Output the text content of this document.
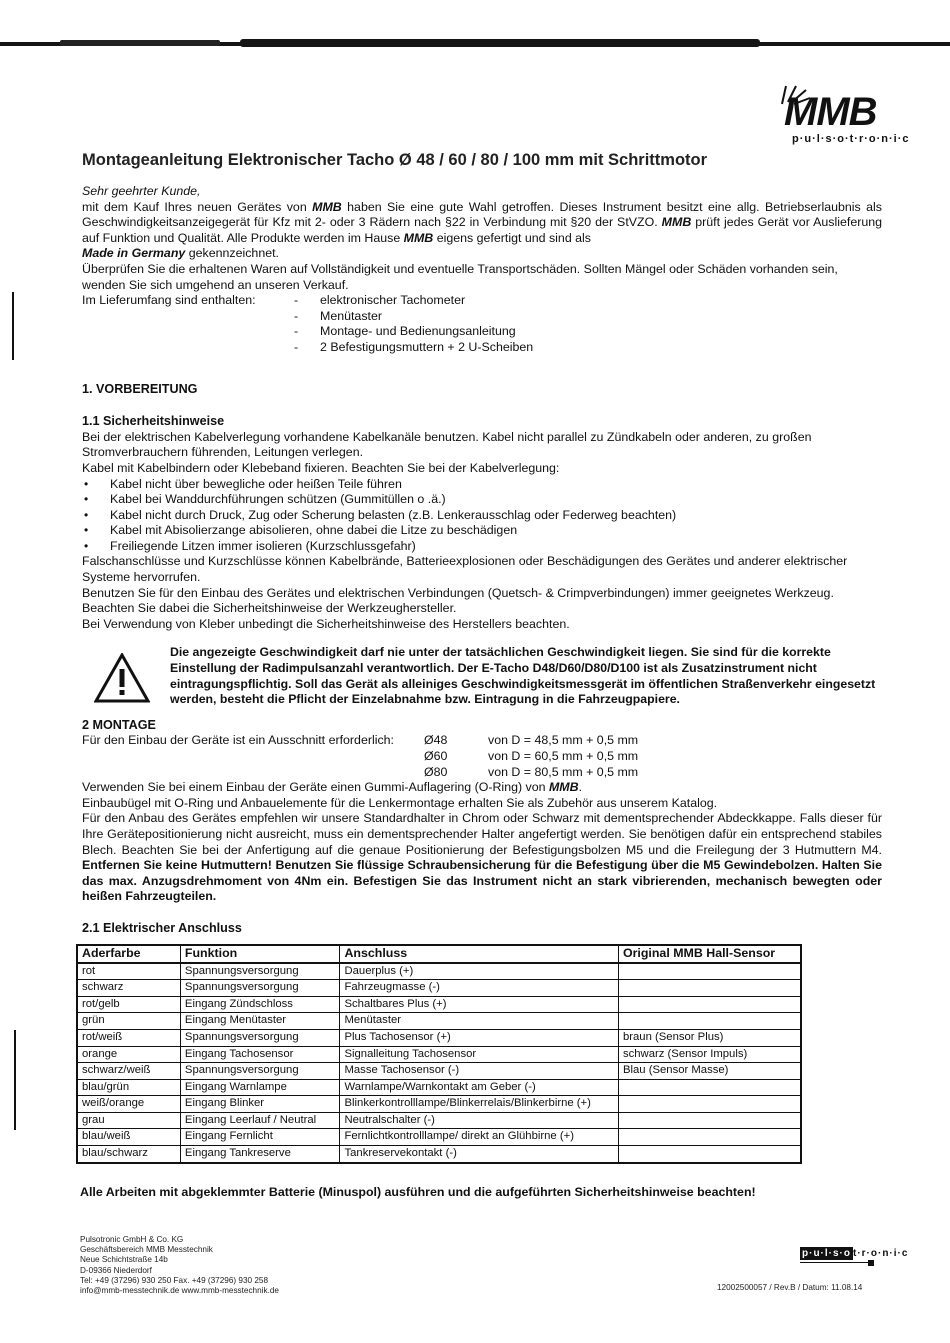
MMB
p·u·l·s·o·t·r·o·n·i·c
Montageanleitung Elektronischer Tacho Ø 48 / 60 / 80 / 100 mm mit Schrittmotor

Sehr geehrter Kunde,

mit dem Kauf Ihres neuen Gerätes von MMB haben Sie eine gute Wahl getroffen. Dieses Instrument besitzt eine allg. Betriebserlaubnis als Geschwindigkeitsanzeigegerät für Kfz mit 2- oder 3 Rädern nach §22 in Verbindung mit §20 der StVZO. MMB prüft jedes Gerät vor Auslieferung auf Funktion und Qualität. Alle Produkte werden im Hause MMB eigens gefertigt und sind als

Made in Germany gekennzeichnet.

Überprüfen Sie die erhaltenen Waren auf Vollständigkeit und eventuelle Transportschäden. Sollten Mängel oder Schäden vorhanden sein, wenden Sie sich umgehend an unseren Verkauf.

Im Lieferumfang sind enthalten:	-	elektronischer Tachometer
-	Menütaster
-	Montage- und Bedienungsanleitung
-	2 Befestigungsmuttern + 2 U-Scheiben
1. VORBEREITUNG
1.1 Sicherheitshinweise

Bei der elektrischen Kabelverlegung vorhandene Kabelkanäle benutzen. Kabel nicht parallel zu Zündkabeln oder anderen, zu großen Stromverbrauchern führenden, Leitungen verlegen.

Kabel mit Kabelbindern oder Klebeband fixieren. Beachten Sie bei der Kabelverlegung:

• Kabel nicht über bewegliche oder heißen Teile führen
• Kabel bei Wanddurchführungen schützen (Gummitüllen o .ä.)
• Kabel nicht durch Druck, Zug oder Scherung belasten (z.B. Lenkerausschlag oder Federweg beachten)
• Kabel mit Abisolierzange abisolieren, ohne dabei die Litze zu beschädigen
• Freiliegende Litzen immer isolieren (Kurzschlussgefahr)

Falschanschlüsse und Kurzschlüsse können Kabelbrände, Batterieexplosionen oder Beschädigungen des Gerätes und anderer elektrischer Systeme hervorrufen.

Benutzen Sie für den Einbau des Gerätes und elektrischen Verbindungen (Quetsch- & Crimpverbindungen) immer geeignetes Werkzeug. Beachten Sie dabei die Sicherheitshinweise der Werkzeughersteller.

Bei Verwendung von Kleber unbedingt die Sicherheitshinweise des Herstellers beachten.

Die angezeigte Geschwindigkeit darf nie unter der tatsächlichen Geschwindigkeit liegen. Sie sind für die korrekte Einstellung der Radimpulsanzahl verantwortlich. Der E-Tacho D48/D60/D80/D100 ist als Zusatzinstrument nicht eintragungspflichtig. Soll das Gerät als alleiniges Geschwindigkeitsmessgerät im öffentlichen Straßenverkehr eingesetzt werden, besteht die Pflicht der Einzelabnahme bzw. Eintragung in die Fahrzeugpapiere.
2 MONTAGE
Für den Einbau der Geräte ist ein Ausschnitt erforderlich:	Ø48	von D = 48,5 mm + 0,5 mm
Ø60	von D = 60,5 mm + 0,5 mm
Ø80	von D = 80,5 mm + 0,5 mm

Verwenden Sie bei einem Einbau der Geräte einen Gummi-Auflagering (O-Ring) von MMB.

Einbaubügel mit O-Ring und Anbauelemente für die Lenkermontage erhalten Sie als Zubehör aus unserem Katalog.

Für den Anbau des Gerätes empfehlen wir unsere Standardhalter in Chrom oder Schwarz mit dementsprechender Abdeckkappe. Falls dieser für Ihre Gerätepositionierung nicht ausreicht, muss ein dementsprechender Halter angefertigt werden. Sie benötigen dafür ein entsprechend stabiles Blech. Beachten Sie bei der Anfertigung auf die genaue Positionierung der Befestigungsbolzen M5 und die Freilegung der 3 Hutmuttern M4. Entfernen Sie keine Hutmuttern! Benutzen Sie flüssige Schraubensicherung für die Befestigung über die M5 Gewindebolzen. Halten Sie das max. Anzugsdrehmoment von 4Nm ein. Befestigen Sie das Instrument nicht an stark vibrierenden, mechanisch bewegten oder heißen Fahrzeugteilen.

2.1 Elektrischer Anschluss
Aderfarbe	Funktion	Anschluss	Original MMB Hall-Sensor
rot	Spannungsversorgung	Dauerplus (+)	
schwarz	Spannungsversorgung	Fahrzeugmasse (-)	
rot/gelb	Eingang Zündschloss	Schaltbares Plus (+)	
grün	Eingang Menütaster	Menütaster	
rot/weiß	Spannungsversorgung	Plus Tachosensor (+)	braun (Sensor Plus)
orange	Eingang Tachosensor	Signalleitung Tachosensor	schwarz (Sensor Impuls)
schwarz/weiß	Spannungsversorgung	Masse Tachosensor (-)	Blau (Sensor Masse)
blau/grün	Eingang Warnlampe	Warnlampe/Warnkontakt am Geber (-)	
weiß/orange	Eingang Blinker	Blinkerkontrolllampe/Blinkerrelais/Blinkerbirne (+)	
grau	Eingang Leerlauf / Neutral	Neutralschalter (-)	
blau/weiß	Eingang Fernlicht	Fernlichtkontrolllampe/ direkt an Glühbirne (+)	
blau/schwarz	Eingang Tankreserve	Tankreservekontakt (-)	
Alle Arbeiten mit abgeklemmter Batterie (Minuspol) ausführen und die aufgeführten Sicherheitshinweise beachten!
Pulsotronic GmbH & Co. KG
Geschäftsbereich MMB Messtechnik
Neue Schichtstraße 14b
D-09366 Niederdorf
Tel: +49 (37296) 930 250 Fax. +49 (37296) 930 258
info@mmb-messtechnik.de www.mmb-messtechnik.de
p·u·l·s·o t·r·o·n·i·c
12002500057 / Rev.B / Datum: 11.08.14
